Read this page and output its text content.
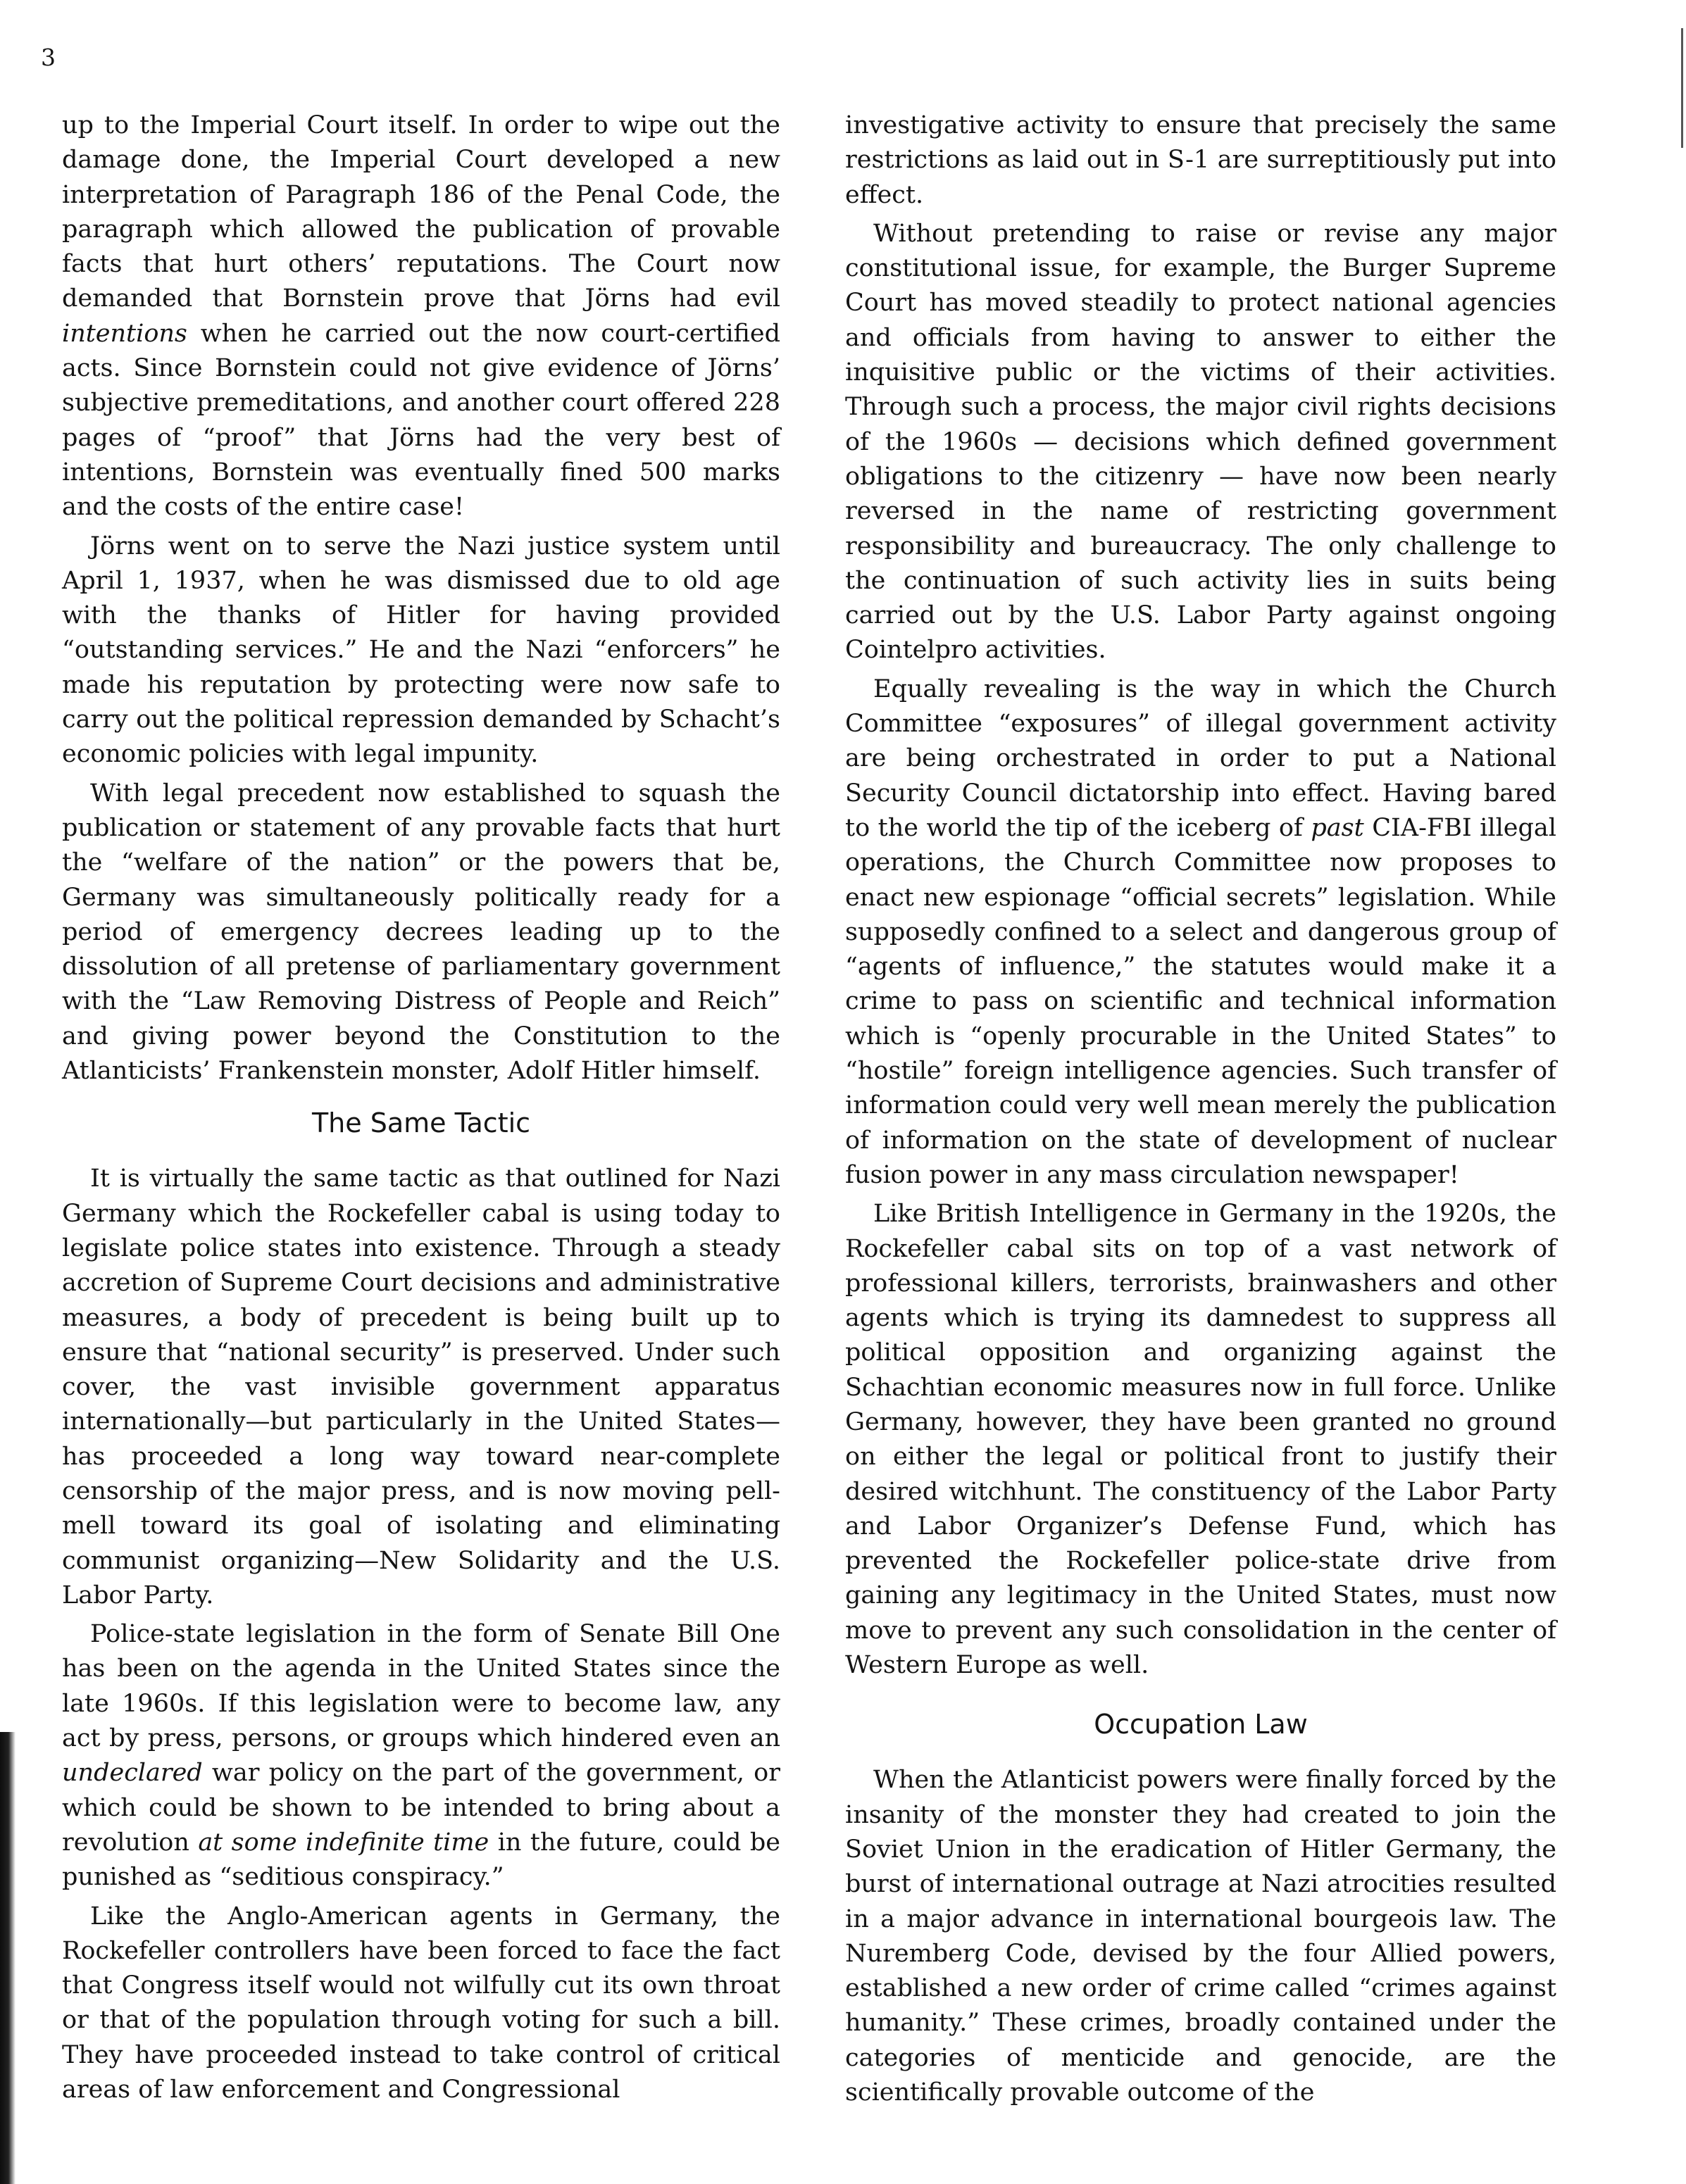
3

up to the Imperial Court itself. In order to wipe out the damage done, the Imperial Court developed a new interpretation of Paragraph 186 of the Penal Code, the paragraph which allowed the publication of provable facts that hurt others’ reputations. The Court now demanded that Bornstein prove that Jörns had evil intentions when he carried out the now court-certified acts. Since Bornstein could not give evidence of Jörns’ subjective premeditations, and another court offered 228 pages of “proof” that Jörns had the very best of intentions, Bornstein was eventually fined 500 marks and the costs of the entire case!

Jörns went on to serve the Nazi justice system until April 1, 1937, when he was dismissed due to old age with the thanks of Hitler for having provided “outstanding services.” He and the Nazi “enforcers” he made his reputation by protecting were now safe to carry out the political repression demanded by Schacht’s economic policies with legal impunity.

With legal precedent now established to squash the publication or statement of any provable facts that hurt the “welfare of the nation” or the powers that be, Germany was simultaneously politically ready for a period of emergency decrees leading up to the dissolution of all pretense of parliamentary government with the “Law Removing Distress of People and Reich” and giving power beyond the Constitution to the Atlanticists’ Frankenstein monster, Adolf Hitler himself.

The Same Tactic

It is virtually the same tactic as that outlined for Nazi Germany which the Rockefeller cabal is using today to legislate police states into existence. Through a steady accretion of Supreme Court decisions and administrative measures, a body of precedent is being built up to ensure that “national security” is preserved. Under such cover, the vast invisible government apparatus internationally—but particularly in the United States—has proceeded a long way toward near-complete censorship of the major press, and is now moving pell-mell toward its goal of isolating and eliminating communist organizing—New Solidarity and the U.S. Labor Party.

Police-state legislation in the form of Senate Bill One has been on the agenda in the United States since the late 1960s. If this legislation were to become law, any act by press, persons, or groups which hindered even an undeclared war policy on the part of the government, or which could be shown to be intended to bring about a revolution at some indefinite time in the future, could be punished as “seditious conspiracy.”

Like the Anglo-American agents in Germany, the Rockefeller controllers have been forced to face the fact that Congress itself would not wilfully cut its own throat or that of the population through voting for such a bill. They have proceeded instead to take control of critical areas of law enforcement and Congressional

investigative activity to ensure that precisely the same restrictions as laid out in S-1 are surreptitiously put into effect.

Without pretending to raise or revise any major constitutional issue, for example, the Burger Supreme Court has moved steadily to protect national agencies and officials from having to answer to either the inquisitive public or the victims of their activities. Through such a process, the major civil rights decisions of the 1960s — decisions which defined government obligations to the citizenry — have now been nearly reversed in the name of restricting government responsibility and bureaucracy. The only challenge to the continuation of such activity lies in suits being carried out by the U.S. Labor Party against ongoing Cointelpro activities.

Equally revealing is the way in which the Church Committee “exposures” of illegal government activity are being orchestrated in order to put a National Security Council dictatorship into effect. Having bared to the world the tip of the iceberg of past CIA-FBI illegal operations, the Church Committee now proposes to enact new espionage “official secrets” legislation. While supposedly confined to a select and dangerous group of “agents of influence,” the statutes would make it a crime to pass on scientific and technical information which is “openly procurable in the United States” to “hostile” foreign intelligence agencies. Such transfer of information could very well mean merely the publication of information on the state of development of nuclear fusion power in any mass circulation newspaper!

Like British Intelligence in Germany in the 1920s, the Rockefeller cabal sits on top of a vast network of professional killers, terrorists, brainwashers and other agents which is trying its damnedest to suppress all political opposition and organizing against the Schachtian economic measures now in full force. Unlike Germany, however, they have been granted no ground on either the legal or political front to justify their desired witchhunt. The constituency of the Labor Party and Labor Organizer’s Defense Fund, which has prevented the Rockefeller police-state drive from gaining any legitimacy in the United States, must now move to prevent any such consolidation in the center of Western Europe as well.

Occupation Law

When the Atlanticist powers were finally forced by the insanity of the monster they had created to join the Soviet Union in the eradication of Hitler Germany, the burst of international outrage at Nazi atrocities resulted in a major advance in international bourgeois law. The Nuremberg Code, devised by the four Allied powers, established a new order of crime called “crimes against humanity.” These crimes, broadly contained under the categories of menticide and genocide, are the scientifically provable outcome of the
